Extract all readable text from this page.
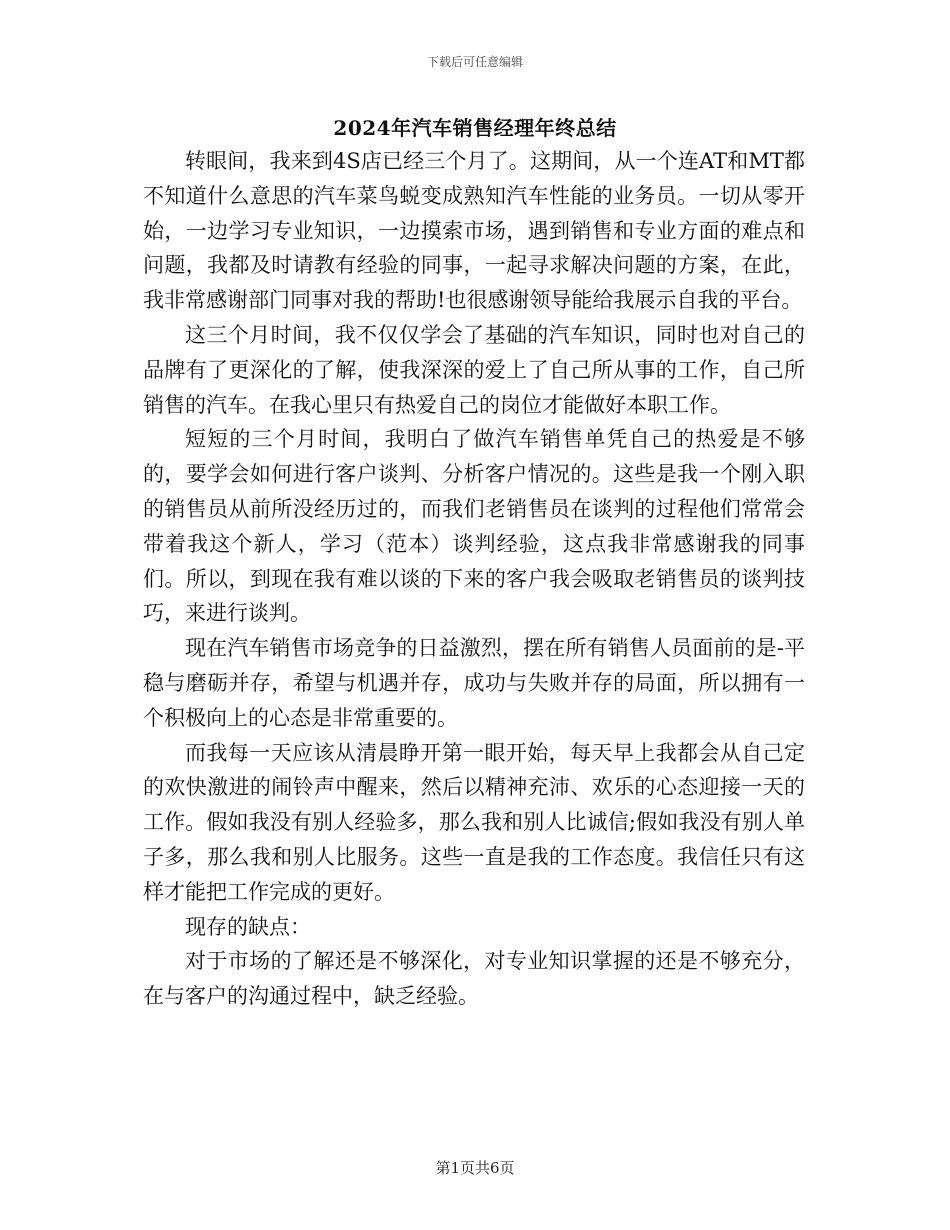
下载后可任意编辑
2024年汽车销售经理年终总结

转眼间，我来到4S店已经三个月了。这期间，从一个连AT和MT都不知道什么意思的汽车菜鸟蜕变成熟知汽车性能的业务员。一切从零开始，一边学习专业知识，一边摸索市场，遇到销售和专业方面的难点和问题，我都及时请教有经验的同事，一起寻求解决问题的方案，在此，我非常感谢部门同事对我的帮助!也很感谢领导能给我展示自我的平台。

这三个月时间，我不仅仅学会了基础的汽车知识，同时也对自己的品牌有了更深化的了解，使我深深的爱上了自己所从事的工作，自己所销售的汽车。在我心里只有热爱自己的岗位才能做好本职工作。

短短的三个月时间，我明白了做汽车销售单凭自己的热爱是不够的，要学会如何进行客户谈判、分析客户情况的。这些是我一个刚入职的销售员从前所没经历过的，而我们老销售员在谈判的过程他们常常会带着我这个新人，学习（范本）谈判经验，这点我非常感谢我的同事们。所以，到现在我有难以谈的下来的客户我会吸取老销售员的谈判技巧，来进行谈判。

现在汽车销售市场竞争的日益激烈，摆在所有销售人员面前的是-平稳与磨砺并存，希望与机遇并存，成功与失败并存的局面，所以拥有一个积极向上的心态是非常重要的。

而我每一天应该从清晨睁开第一眼开始，每天早上我都会从自己定的欢快激进的闹铃声中醒来，然后以精神充沛、欢乐的心态迎接一天的工作。假如我没有别人经验多，那么我和别人比诚信;假如我没有别人单子多，那么我和别人比服务。这些一直是我的工作态度。我信任只有这样才能把工作完成的更好。

现存的缺点：

对于市场的了解还是不够深化，对专业知识掌握的还是不够充分，在与客户的沟通过程中，缺乏经验。

第1页共6页
